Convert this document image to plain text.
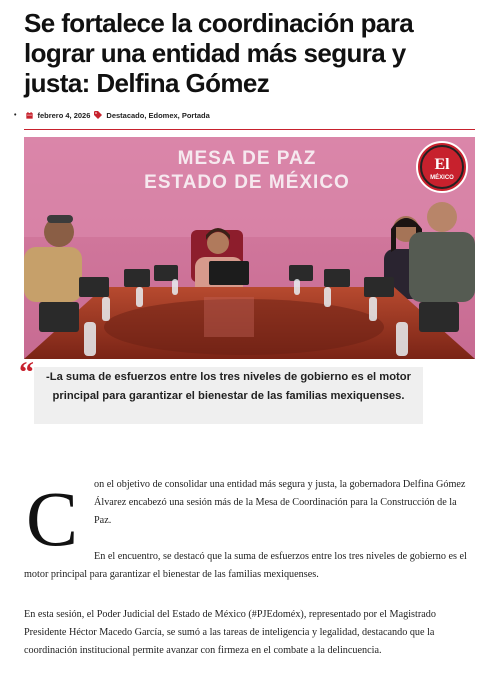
Se fortalece la coordinación para lograr una entidad más segura y justa: Delfina Gómez
•	febrero 4, 2026 Destacado, Edomex, Portada
MESA DE PAZ
ESTADO DE MÉXICO
El
MÉXICO
“	-La suma de esfuerzos entre los tres niveles de gobierno es el motor principal para garantizar el bienestar de las familias mexiquenses.

C on el objetivo de consolidar una entidad más segura y justa, la gobernadora Delfina Gómez Álvarez encabezó una sesión más de la Mesa de Coordinación para la Construcción de la Paz.

En el encuentro, se destacó que la suma de esfuerzos entre los tres niveles de gobierno es el motor principal para garantizar el bienestar de las familias mexiquenses.

En esta sesión, el Poder Judicial del Estado de México (#PJEdoméx), representado por el Magistrado Presidente Héctor Macedo García, se sumó a las tareas de inteligencia y legalidad, destacando que la coordinación institucional permite avanzar con firmeza en el combate a la delincuencia.
